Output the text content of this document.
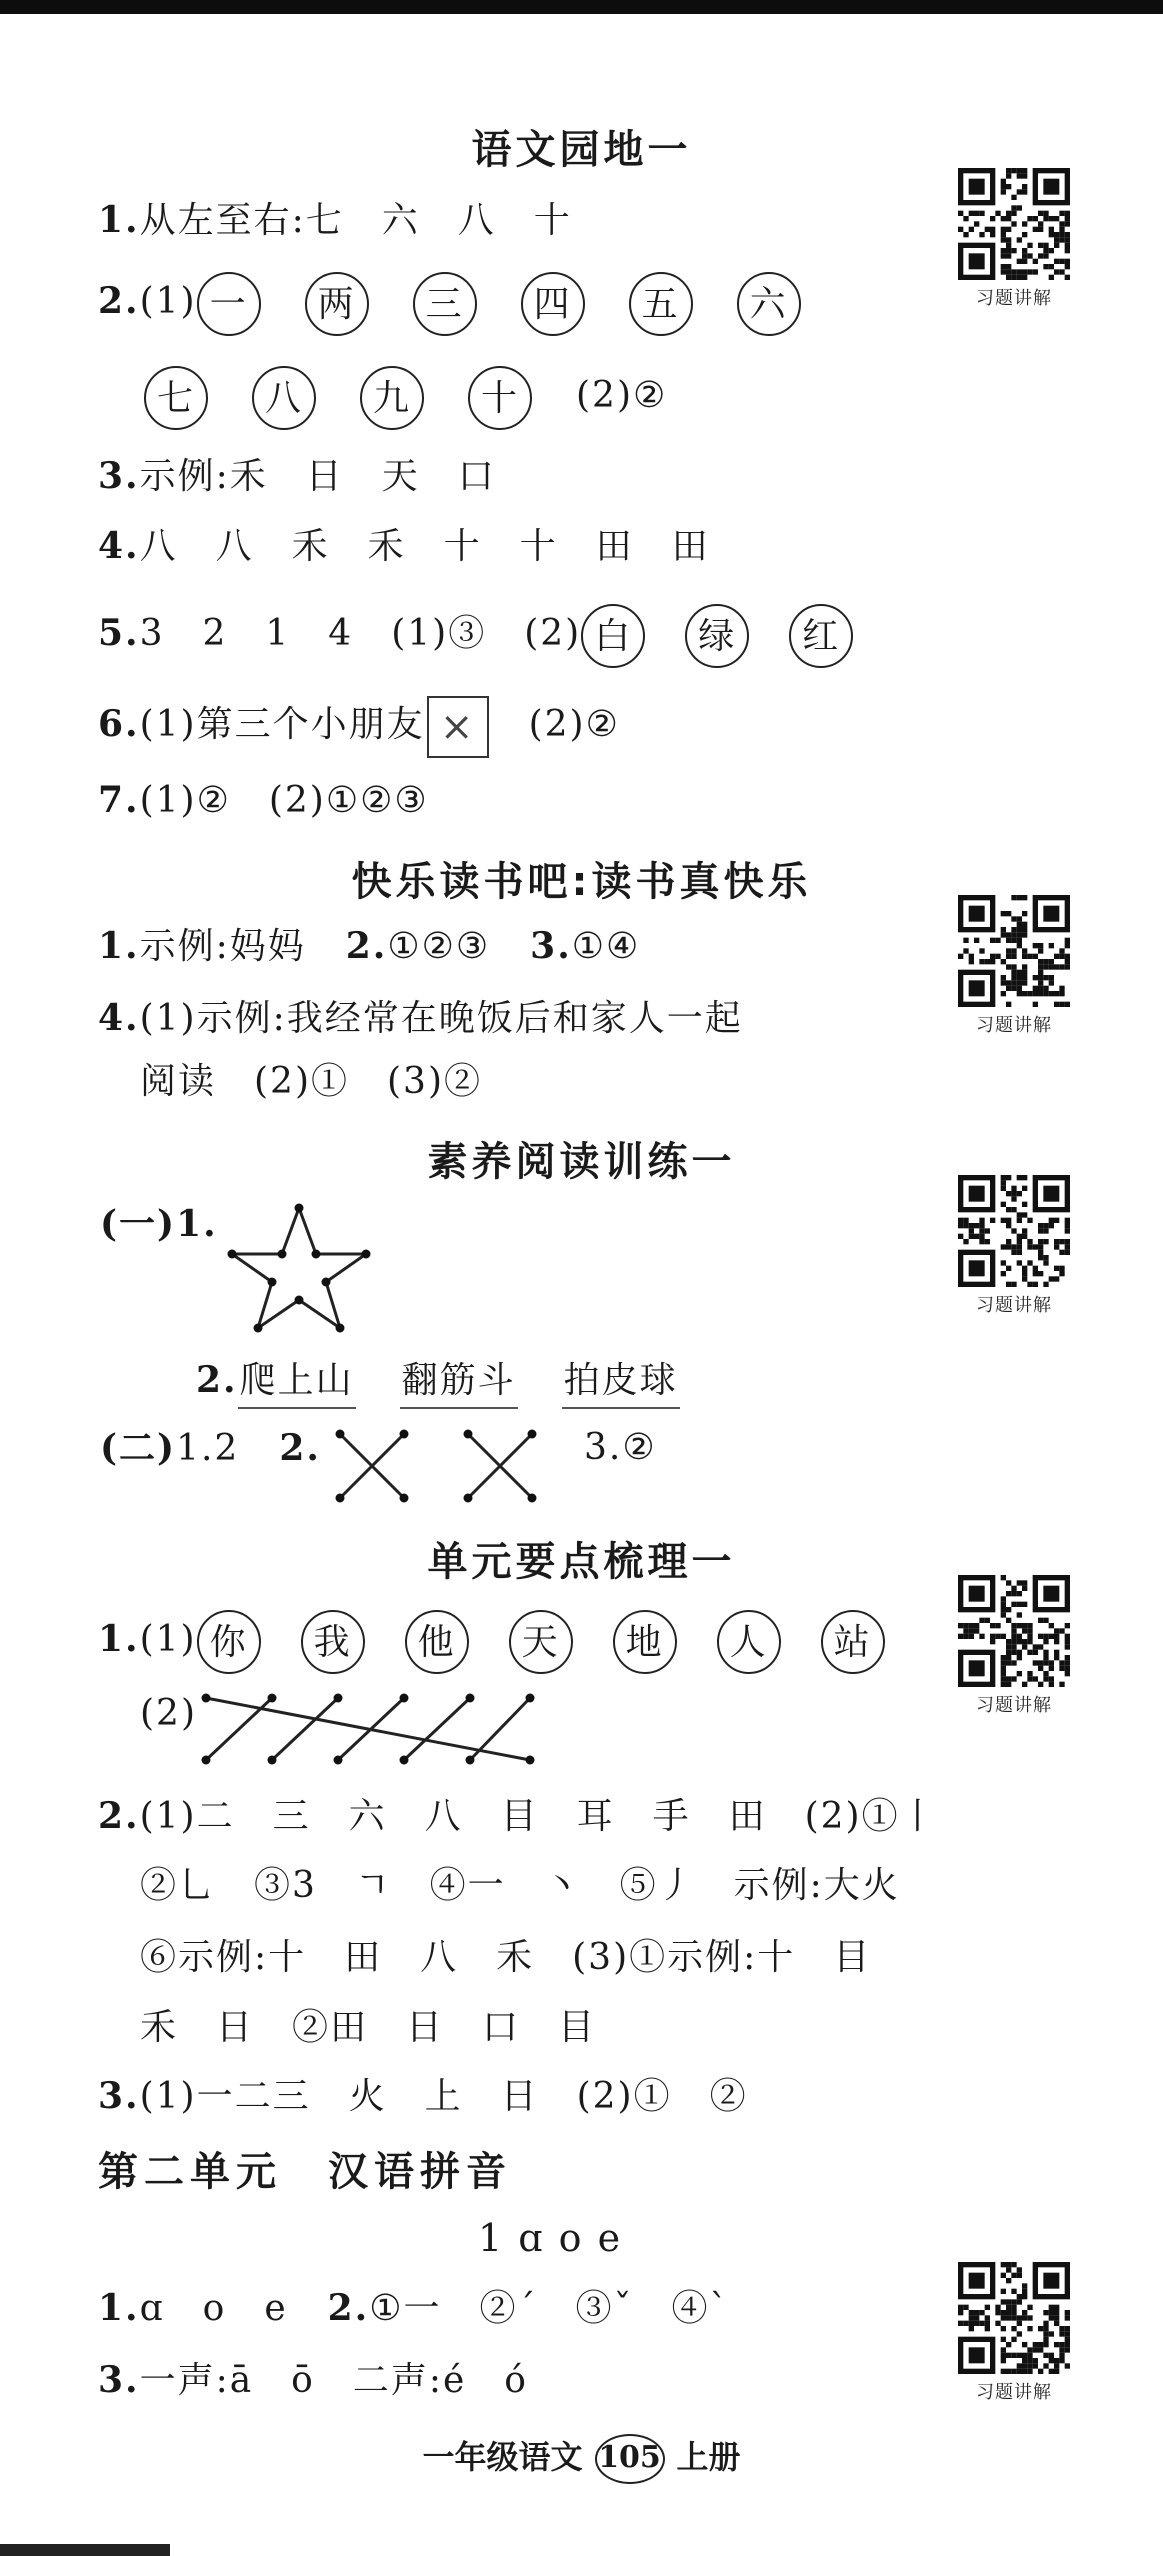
语文园地一
习题讲解
1.从左至右:七　六　八　十
2.(1) 一 两 三 四 五 六
七 八 九 十 (2)②
3.示例:禾　日　天　口
4.八　八　禾　禾　十　十　田　田
5.3　2　1　4　(1)③　(2) 白 绿 红
6.(1)第三个小朋友 × (2)②
7.(1)②　(2)①②③
快乐读书吧:读书真快乐
习题讲解
1.示例:妈妈 2.①②③ 3.①④
4.(1)示例:我经常在晚饭后和家人一起
阅读　(2)①　(3)②
素养阅读训练一
习题讲解
(一)1.
2.爬上山 翻筋斗 拍皮球
(二)1.2 2.	3.②
单元要点梳理一
习题讲解
1.(1) 你 我 他 天 地 人 站
(2)
2.(1)二　三　六　八　目　耳　手　田　(2)①丨
②乚　③3　ㄱ　④一　丶　⑤丿　示例:大火
⑥示例:十　田　八　禾　(3)①示例:十　目
禾　日　②田　日　口　目
3.(1)一二三　火　上　日　(2)①　②
第二单元　汉语拼音
1 ɑ o e
习题讲解
1.ɑ　o　e 2.①一　②ˊ　③ˇ　④ˋ
3.一声:ā　ō　二声:é　ó
一年级语文 105 上册
